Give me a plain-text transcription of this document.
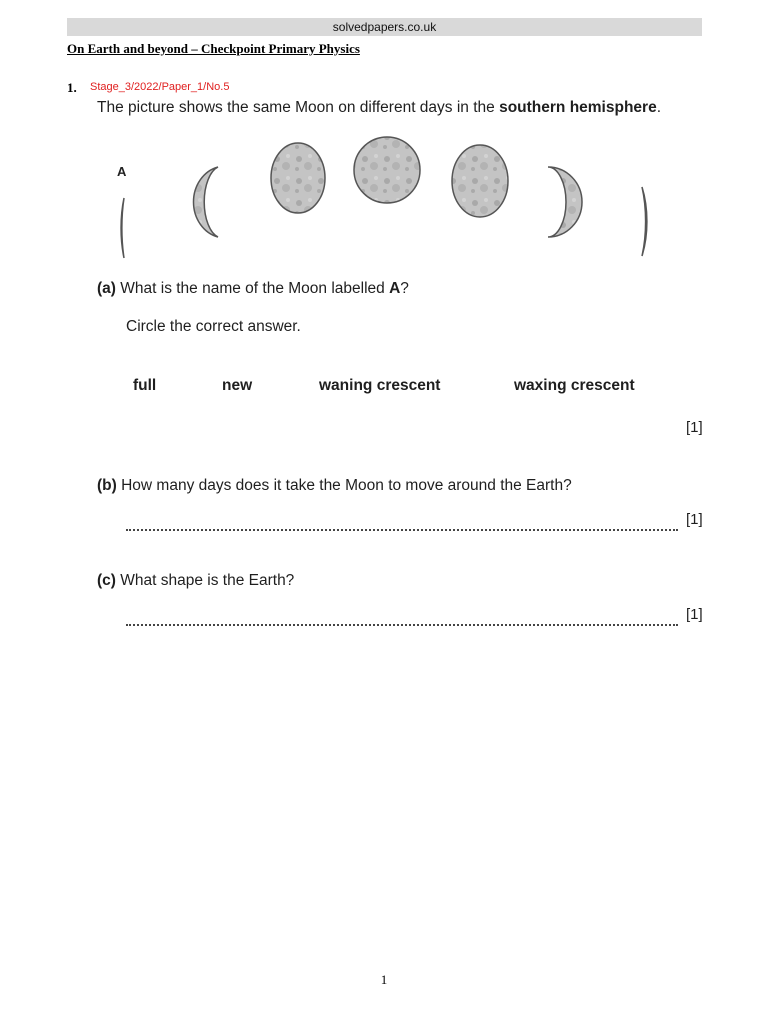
solvedpapers.co.uk
On Earth and beyond – Checkpoint Primary Physics
1. Stage_3/2022/Paper_1/No.5
The picture shows the same Moon on different days in the southern hemisphere.
A
(a) What is the name of the Moon labelled A?
Circle the correct answer.
full	new	waning crescent	waxing crescent
[1]
(b) How many days does it take the Moon to move around the Earth?
[1]
(c) What shape is the Earth?
[1]
1
